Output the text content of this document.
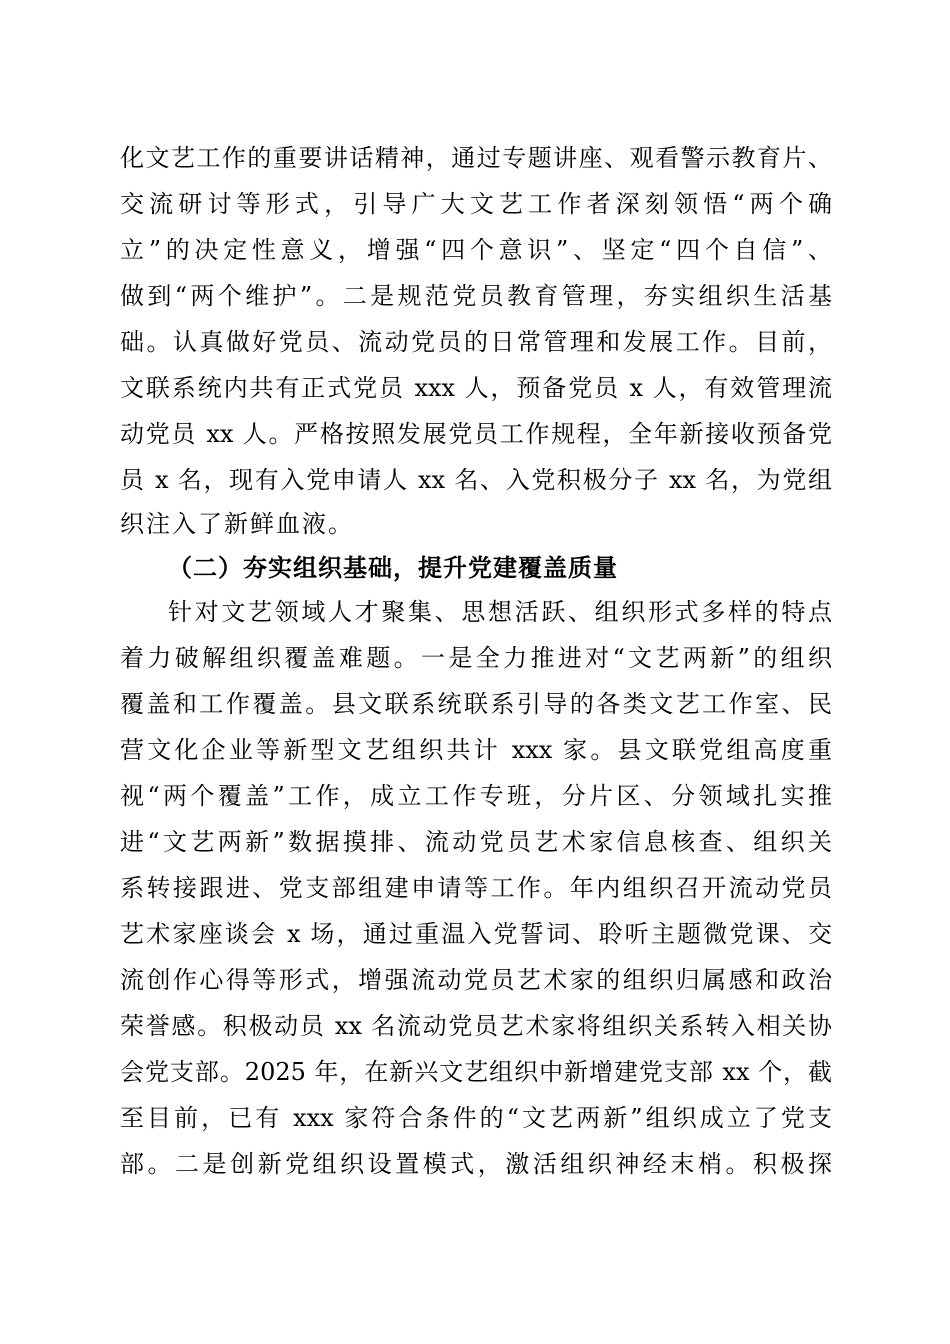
化文艺工作的重要讲话精神，通过专题讲座、观看警示教育片、
交流研讨等形式，引导广大文艺工作者深刻领悟“两个确
立”的决定性意义，增强“四个意识”、坚定“四个自信”、
做到“两个维护”。二是规范党员教育管理，夯实组织生活基
础。认真做好党员、流动党员的日常管理和发展工作。目前，
文联系统内共有正式党员 xxx 人，预备党员 x 人，有效管理流
动党员 xx 人。严格按照发展党员工作规程，全年新接收预备党
员 x 名，现有入党申请人 xx 名、入党积极分子 xx 名，为党组
织注入了新鲜血液。
（二）夯实组织基础，提升党建覆盖质量
针对文艺领域人才聚集、思想活跃、组织形式多样的特点
着力破解组织覆盖难题。一是全力推进对“文艺两新”的组织
覆盖和工作覆盖。县文联系统联系引导的各类文艺工作室、民
营文化企业等新型文艺组织共计 xxx 家。县文联党组高度重
视“两个覆盖”工作，成立工作专班，分片区、分领域扎实推
进“文艺两新”数据摸排、流动党员艺术家信息核查、组织关
系转接跟进、党支部组建申请等工作。年内组织召开流动党员
艺术家座谈会 x 场，通过重温入党誓词、聆听主题微党课、交
流创作心得等形式，增强流动党员艺术家的组织归属感和政治
荣誉感。积极动员 xx 名流动党员艺术家将组织关系转入相关协
会党支部。2025 年，在新兴文艺组织中新增建党支部 xx 个，截
至目前，已有 xxx 家符合条件的“文艺两新”组织成立了党支
部。二是创新党组织设置模式，激活组织神经末梢。积极探
